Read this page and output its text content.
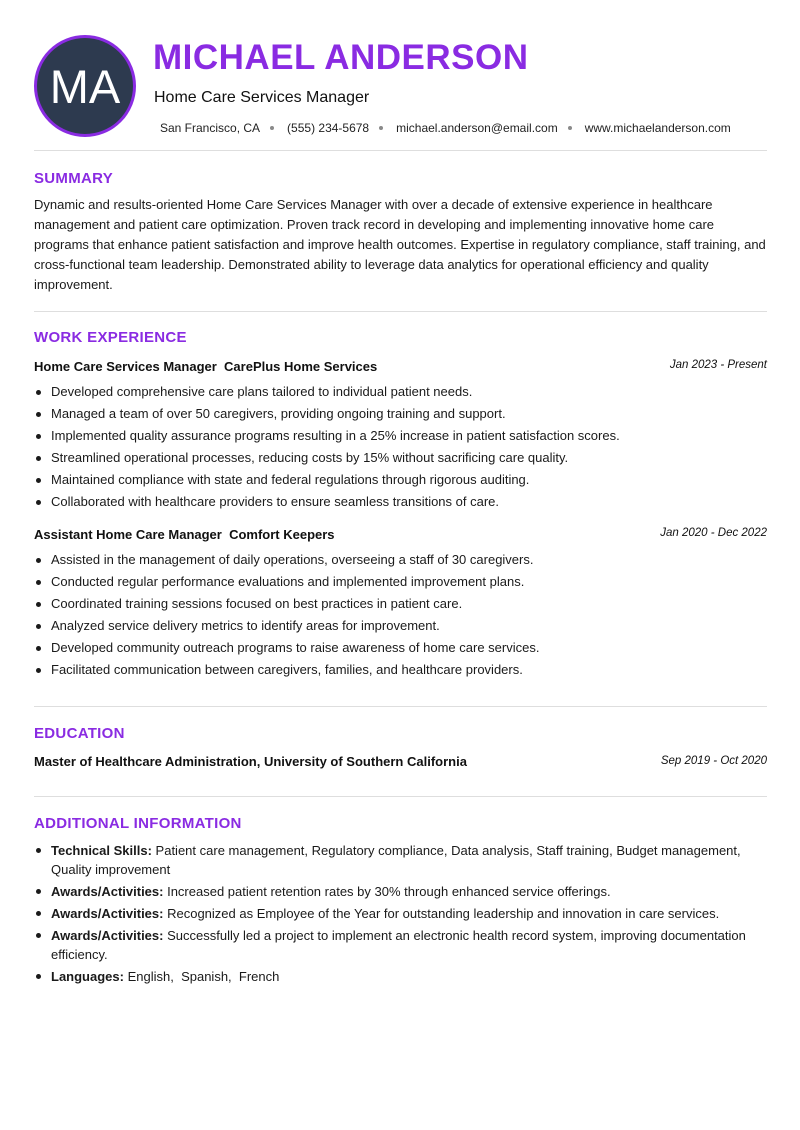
MA
MICHAEL ANDERSON
Home Care Services Manager
San Francisco, CA (555) 234-5678 michael.anderson@email.com www.michaelanderson.com
SUMMARY
Dynamic and results-oriented Home Care Services Manager with over a decade of extensive experience in healthcare management and patient care optimization. Proven track record in developing and implementing innovative home care programs that enhance patient satisfaction and improve health outcomes. Expertise in regulatory compliance, staff training, and cross-functional team leadership. Demonstrated ability to leverage data analytics for operational efficiency and quality improvement.
WORK EXPERIENCE
Home Care Services Manager  CarePlus Home Services	Jan 2023 - Present
Developed comprehensive care plans tailored to individual patient needs.
Managed a team of over 50 caregivers, providing ongoing training and support.
Implemented quality assurance programs resulting in a 25% increase in patient satisfaction scores.
Streamlined operational processes, reducing costs by 15% without sacrificing care quality.
Maintained compliance with state and federal regulations through rigorous auditing.
Collaborated with healthcare providers to ensure seamless transitions of care.
Assistant Home Care Manager  Comfort Keepers	Jan 2020 - Dec 2022
Assisted in the management of daily operations, overseeing a staff of 30 caregivers.
Conducted regular performance evaluations and implemented improvement plans.
Coordinated training sessions focused on best practices in patient care.
Analyzed service delivery metrics to identify areas for improvement.
Developed community outreach programs to raise awareness of home care services.
Facilitated communication between caregivers, families, and healthcare providers.
EDUCATION
Master of Healthcare Administration, University of Southern California	Sep 2019 - Oct 2020
ADDITIONAL INFORMATION
Technical Skills: Patient care management, Regulatory compliance, Data analysis, Staff training, Budget management, Quality improvement
Awards/Activities: Increased patient retention rates by 30% through enhanced service offerings.
Awards/Activities: Recognized as Employee of the Year for outstanding leadership and innovation in care services.
Awards/Activities: Successfully led a project to implement an electronic health record system, improving documentation efficiency.
Languages: English,  Spanish,  French
